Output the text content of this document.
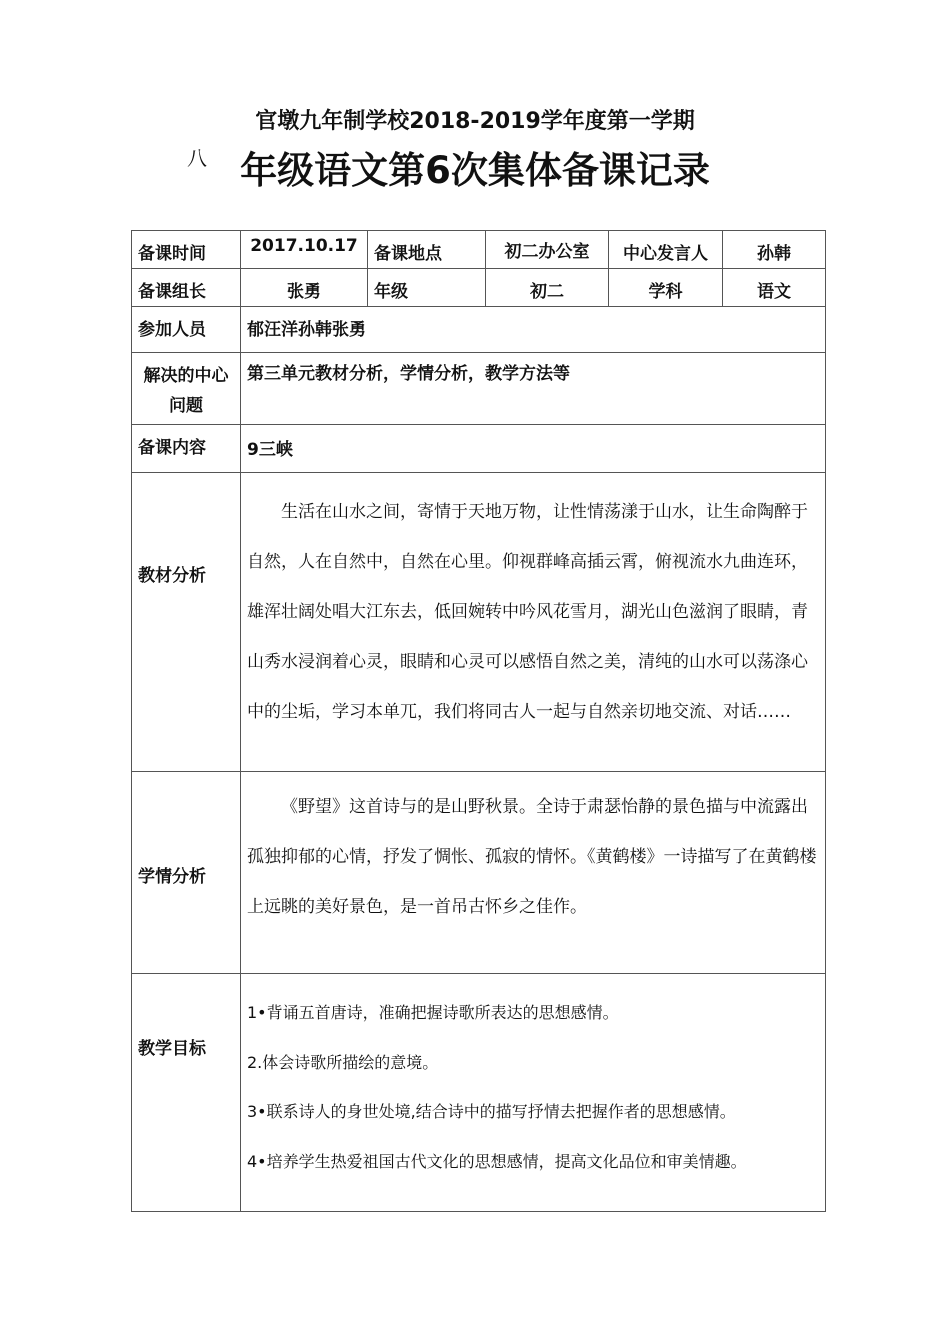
官墩九年制学校2018-2019学年度第一学期
八 年级语文第6次集体备课记录
备课时间	2017.10.17	备课地点	初二办公室	中心发言人	孙韩
备课组长	张勇	年级	初二	学科	语文
参加人员	郁汪洋孙韩张勇				
解决的中心问题	第三单元教材分析，学情分析，教学方法等				
备课内容	9三峡				
教材分析	生活在山水之间，寄情于天地万物，让性情荡漾于山水，让生命陶醉于自然，人在自然中，自然在心里。仰视群峰高插云霄，俯视流水九曲连环，雄浑壮阔处唱大江东去，低回婉转中吟风花雪月，湖光山色滋润了眼睛，青山秀水浸润着心灵，眼睛和心灵可以感悟自然之美，清纯的山水可以荡涤心中的尘垢，学习本单兀，我们将同古人一起与自然亲切地交流、对话……				

学情分析	《野望》这首诗与的是山野秋景。全诗于肃瑟怡静的景色描与中流露出孤独抑郁的心情，抒发了惆怅、孤寂的情怀。《黄鹤楼》一诗描写了在黄鹤楼上远眺的美好景色，是一首吊古怀乡之佳作。				

教学目标	1•背诵五首唐诗，准确把握诗歌所表达的思想感情。
2.体会诗歌所描绘的意境。
3•联系诗人的身世处境,结合诗中的描写抒情去把握作者的思想感情。
4•培养学生热爱祖国古代文化的思想感情，提高文化品位和审美情趣。				
